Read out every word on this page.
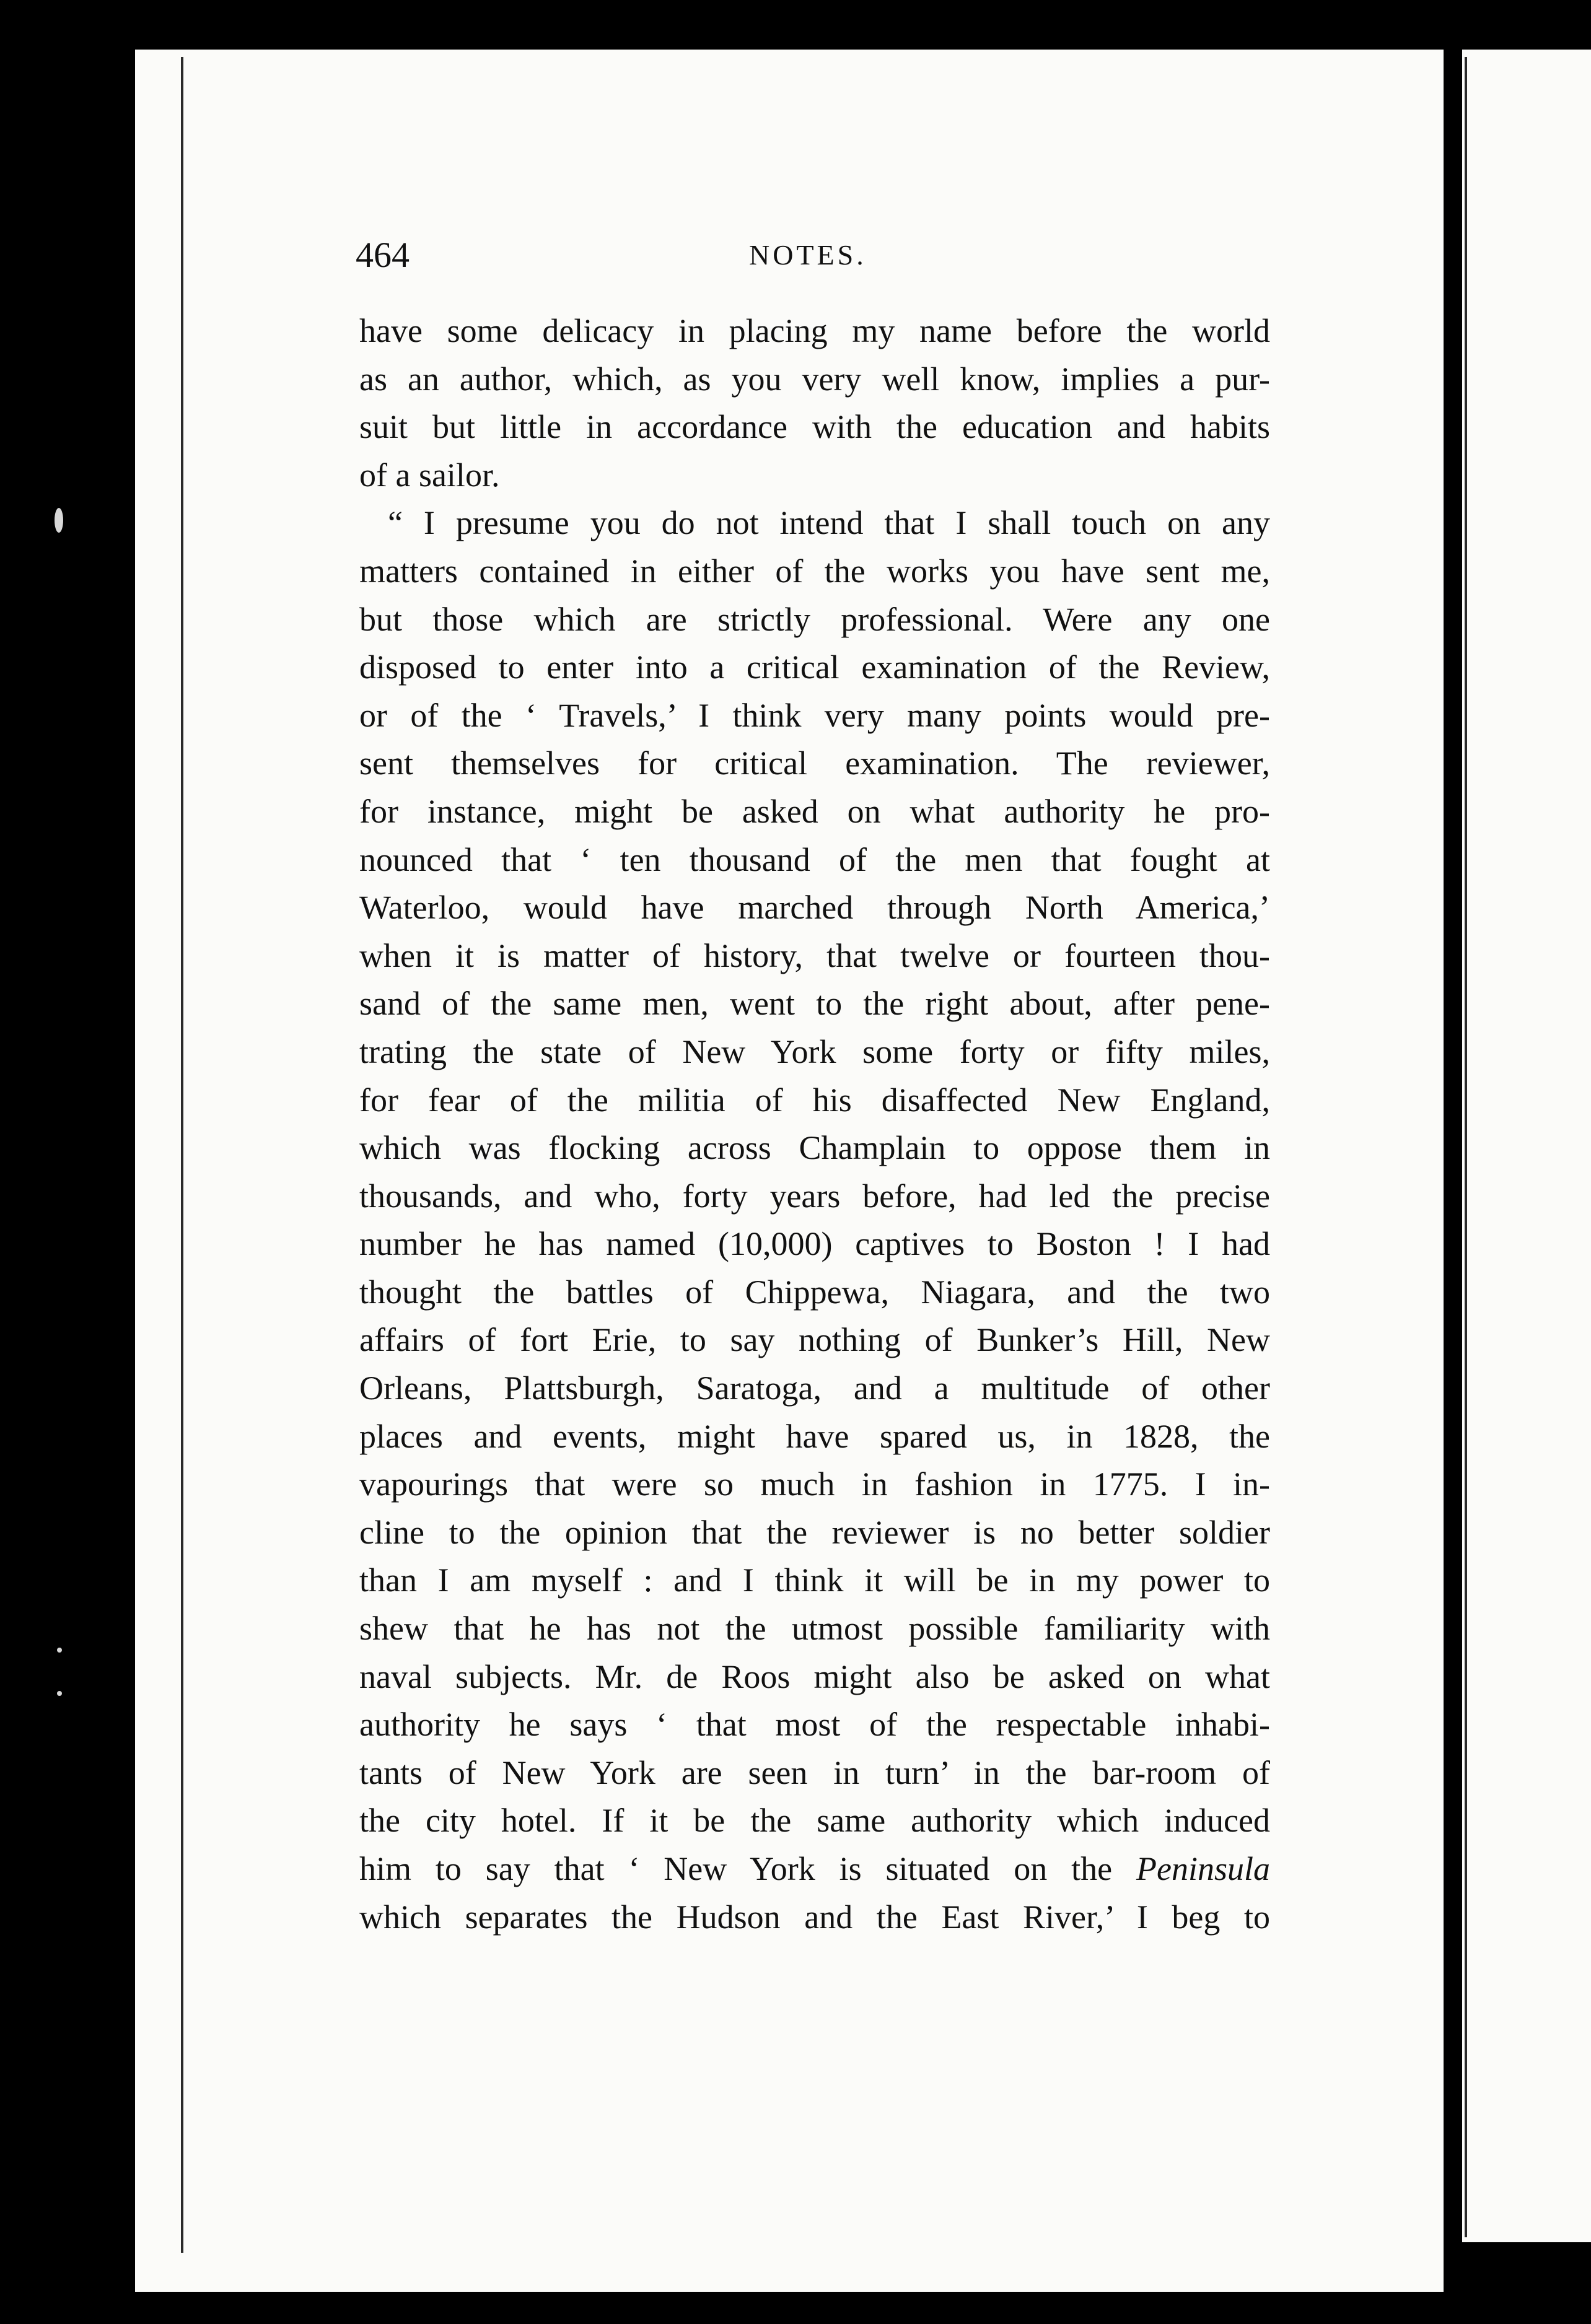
464	NOTES.
have some delicacy in placing my name before the world
as an author, which, as you very well know, implies a pur-
suit but little in accordance with the education and habits
of a sailor.
“ I presume you do not intend that I shall touch on any
matters contained in either of the works you have sent me,
but those which are strictly professional. Were any one
disposed to enter into a critical examination of the Review,
or of the ‘ Travels,’ I think very many points would pre-
sent themselves for critical examination. The reviewer,
for instance, might be asked on what authority he pro-
nounced that ‘ ten thousand of the men that fought at
Waterloo, would have marched through North America,’
when it is matter of history, that twelve or fourteen thou-
sand of the same men, went to the right about, after pene-
trating the state of New York some forty or fifty miles,
for fear of the militia of his disaffected New England,
which was flocking across Champlain to oppose them in
thousands, and who, forty years before, had led the precise
number he has named (10,000) captives to Boston ! I had
thought the battles of Chippewa, Niagara, and the two
affairs of fort Erie, to say nothing of Bunker’s Hill, New
Orleans, Plattsburgh, Saratoga, and a multitude of other
places and events, might have spared us, in 1828, the
vapourings that were so much in fashion in 1775. I in-
cline to the opinion that the reviewer is no better soldier
than I am myself : and I think it will be in my power to
shew that he has not the utmost possible familiarity with
naval subjects. Mr. de Roos might also be asked on what
authority he says ‘ that most of the respectable inhabi-
tants of New York are seen in turn’ in the bar-room of
the city hotel. If it be the same authority which induced
him to say that ‘ New York is situated on the Peninsula
which separates the Hudson and the East River,’ I beg to
